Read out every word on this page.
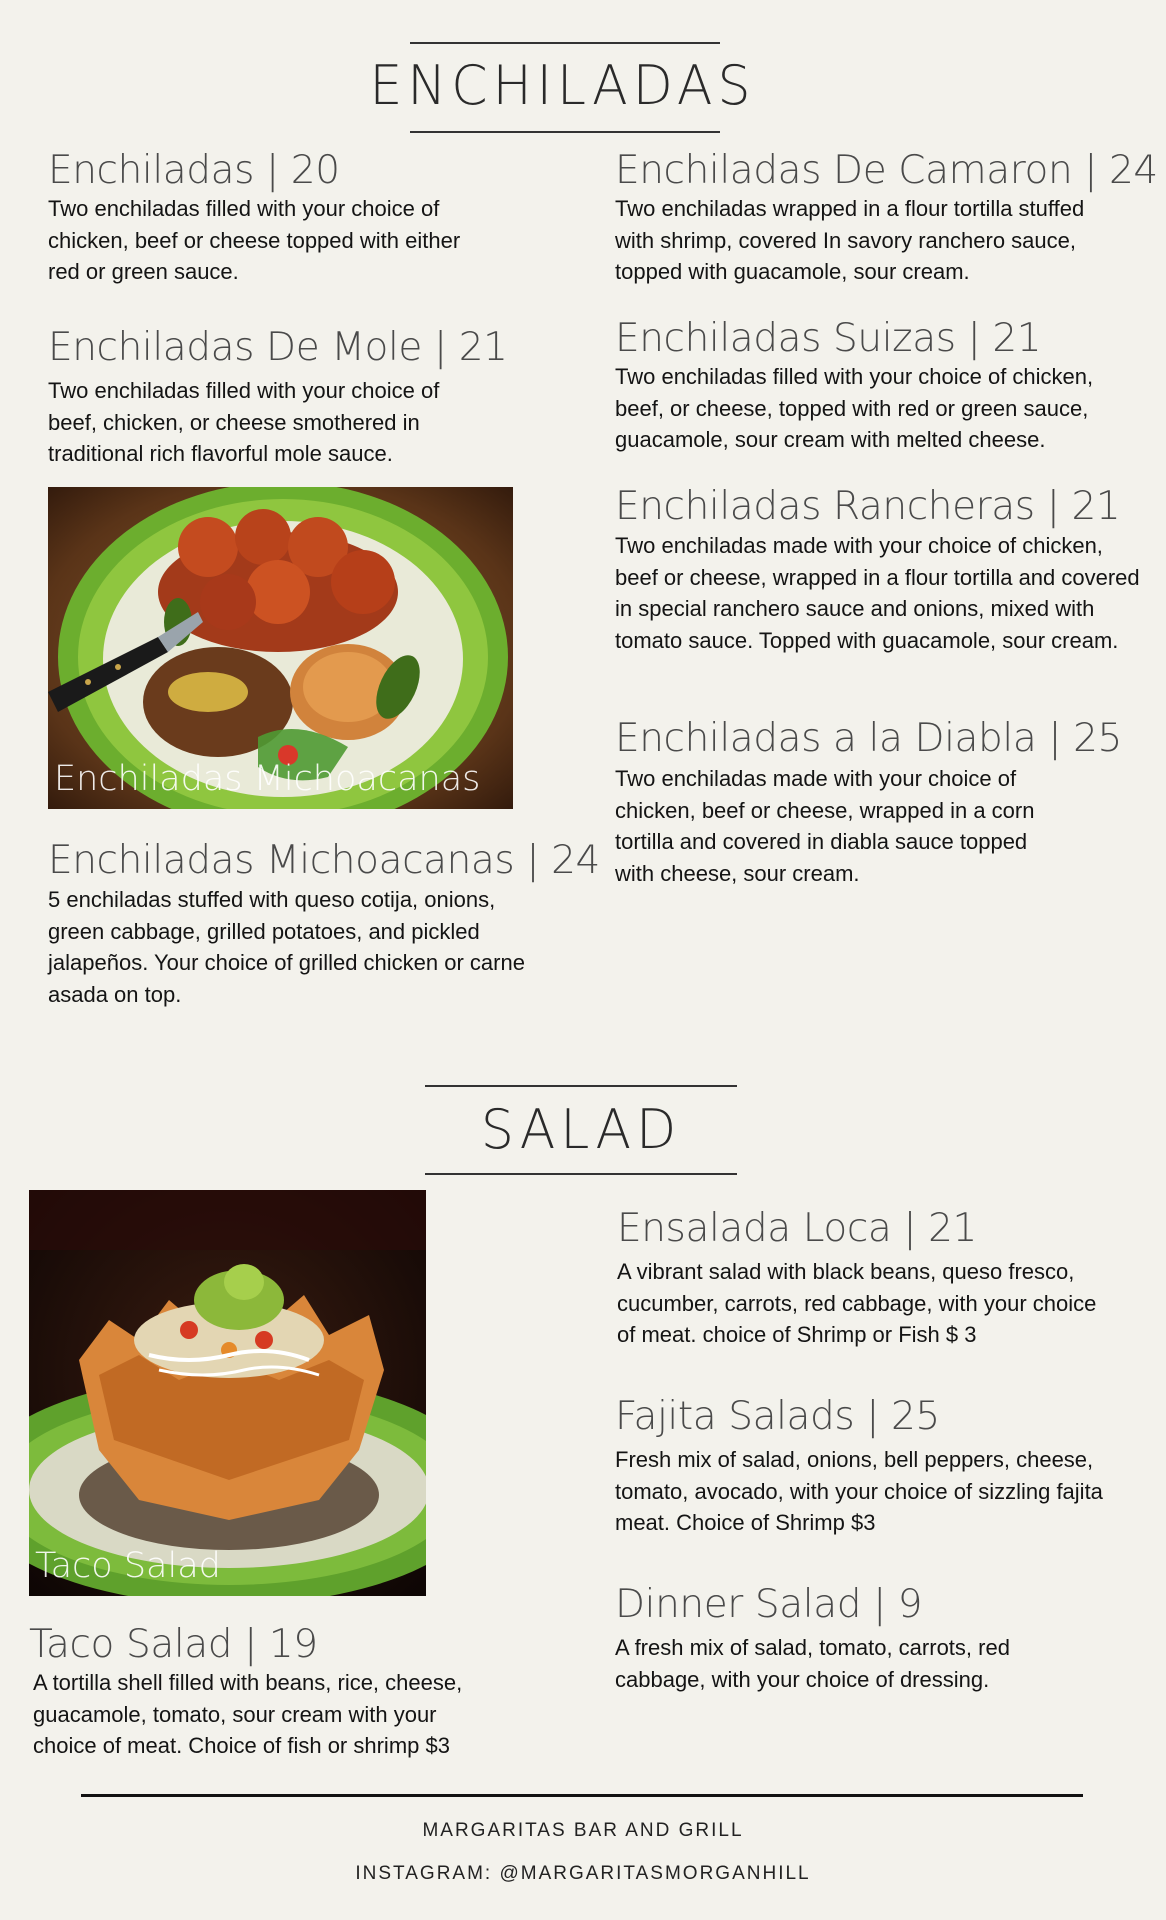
ENCHILADAS
Enchiladas | 20

Two enchiladas filled with your choice of chicken, beef or cheese topped with either red or green sauce.

Enchiladas De Mole | 21

Two enchiladas filled with your choice of beef, chicken, or cheese smothered in traditional rich flavorful mole sauce.

Enchiladas Michoacanas
Enchiladas Michoacanas | 24

5 enchiladas stuffed with queso cotija, onions, green cabbage, grilled potatoes, and pickled jalapeños. Your choice of grilled chicken or carne asada on top.

Enchiladas De Camaron | 24

Two enchiladas wrapped in a flour tortilla stuffed with shrimp, covered In savory ranchero sauce, topped with guacamole, sour cream.

Enchiladas Suizas | 21

Two enchiladas filled with your choice of chicken, beef, or cheese, topped with red or green sauce, guacamole, sour cream with melted cheese.

Enchiladas Rancheras | 21

Two enchiladas made with your choice of chicken, beef or cheese, wrapped in a flour tortilla and covered in special ranchero sauce and onions, mixed with tomato sauce. Topped with guacamole, sour cream.

Enchiladas a la Diabla | 25

Two enchiladas made with your choice of chicken, beef or cheese, wrapped in a corn tortilla and covered in diabla sauce topped with cheese, sour cream.

SALAD
Taco Salad
Taco Salad | 19

A tortilla shell filled with beans, rice, cheese, guacamole, tomato, sour cream with your choice of meat. Choice of fish or shrimp $3

Ensalada Loca | 21

A vibrant salad with black beans, queso fresco, cucumber, carrots, red cabbage, with your choice of meat. choice of Shrimp or Fish $ 3

Fajita Salads | 25

Fresh mix of salad, onions, bell peppers, cheese, tomato, avocado, with your choice of sizzling fajita meat. Choice of Shrimp $3

Dinner Salad | 9

A fresh mix of salad, tomato, carrots, red cabbage, with your choice of dressing.

MARGARITAS BAR AND GRILL
INSTAGRAM: @MARGARITASMORGANHILL
